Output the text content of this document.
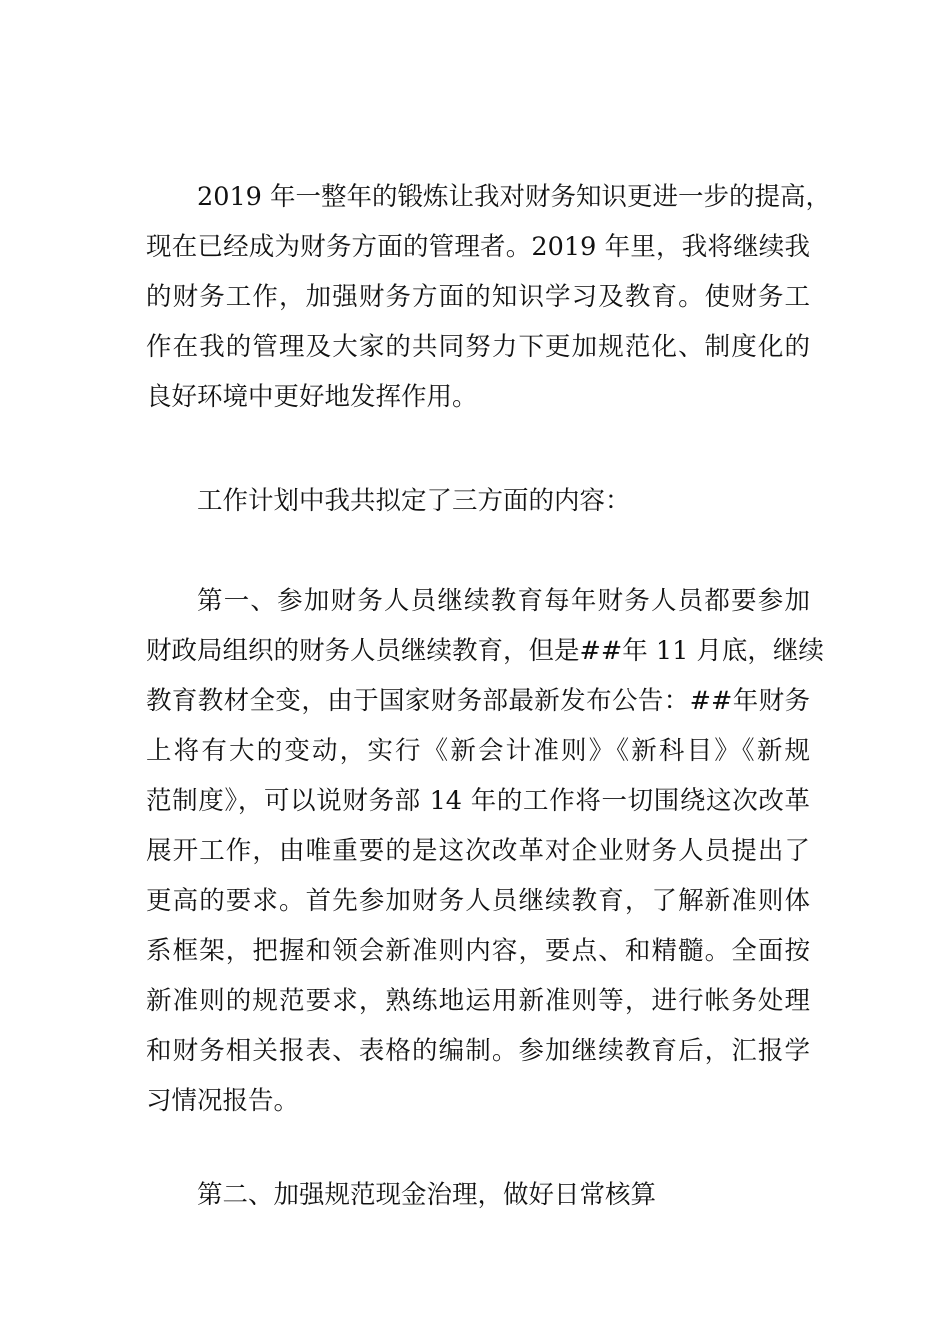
2019 年一整年的锻炼让我对财务知识更进一步的提高，
现在已经成为财务方面的管理者。2019 年里，我将继续我
的财务工作，加强财务方面的知识学习及教育。使财务工
作在我的管理及大家的共同努力下更加规范化、制度化的
良好环境中更好地发挥作用。
工作计划中我共拟定了三方面的内容：
第一、参加财务人员继续教育每年财务人员都要参加
财政局组织的财务人员继续教育，但是##年 11 月底，继续
教育教材全变，由于国家财务部最新发布公告：##年财务
上将有大的变动，实行《新会计准则》《新科目》《新规
范制度》，可以说财务部 14 年的工作将一切围绕这次改革
展开工作，由唯重要的是这次改革对企业财务人员提出了
更高的要求。首先参加财务人员继续教育，了解新准则体
系框架，把握和领会新准则内容，要点、和精髓。全面按
新准则的规范要求，熟练地运用新准则等，进行帐务处理
和财务相关报表、表格的编制。参加继续教育后，汇报学
习情况报告。
第二、加强规范现金治理，做好日常核算
